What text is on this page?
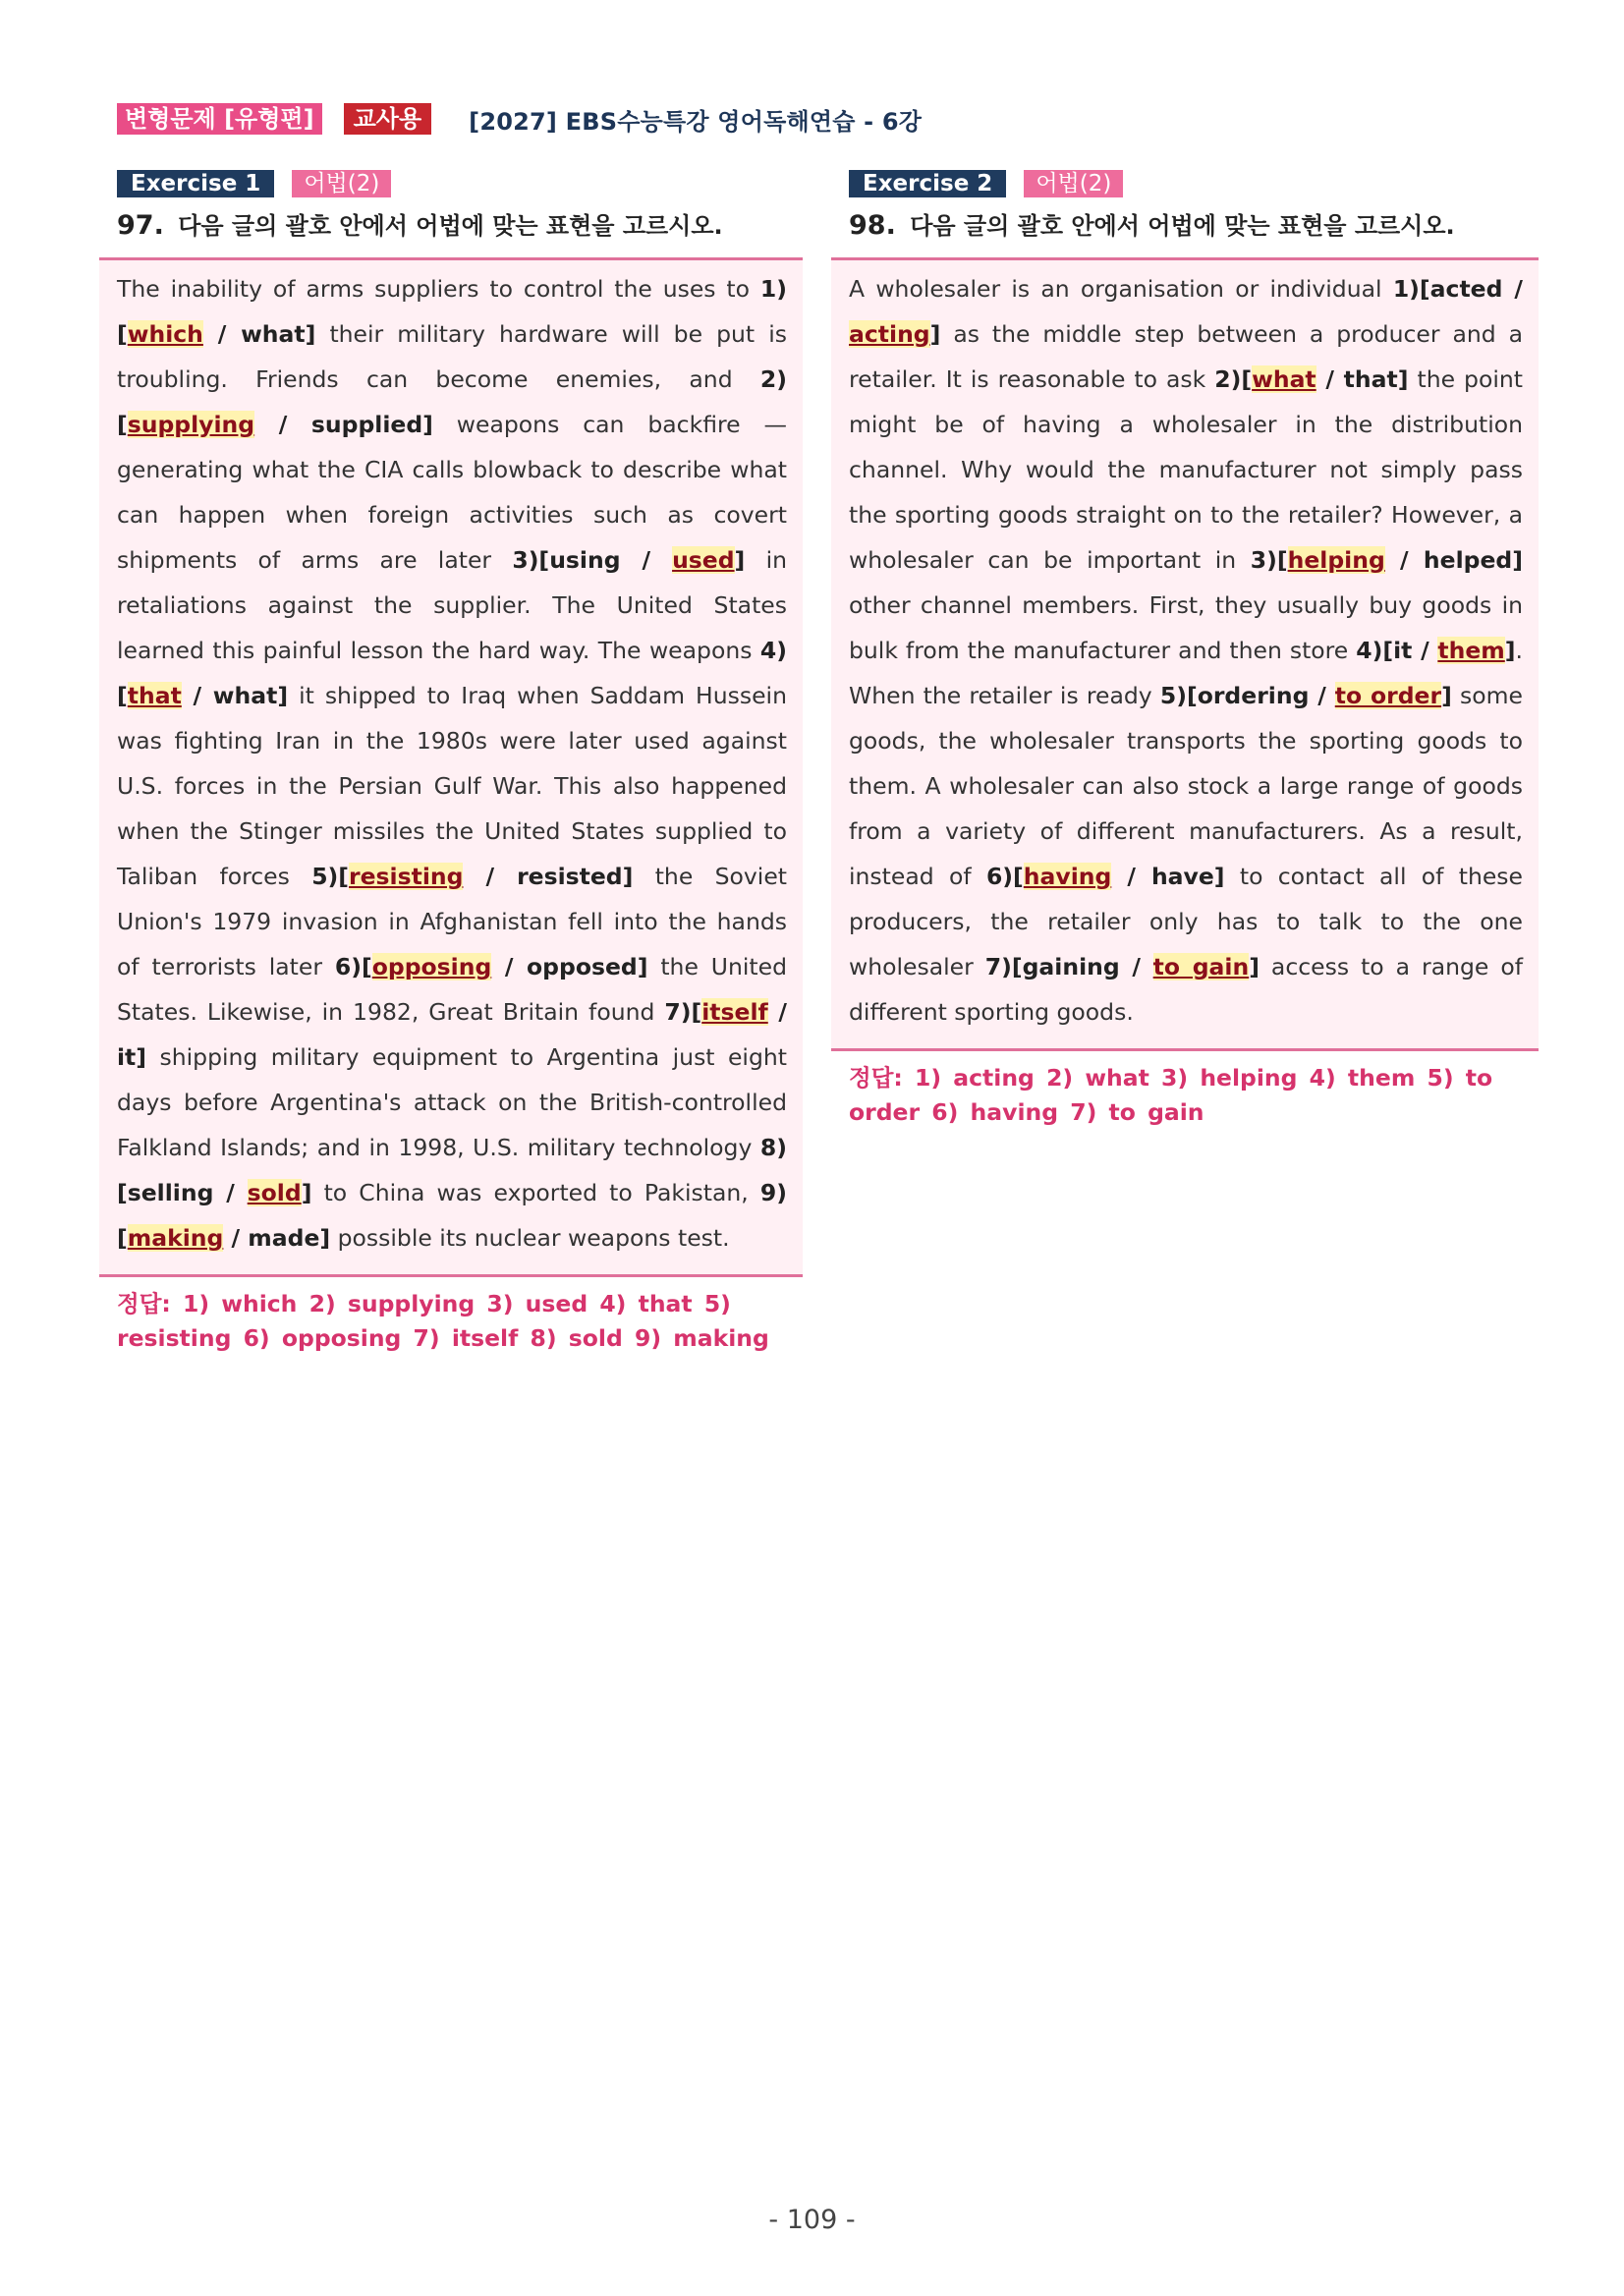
변형문제 [유형편]	교사용	[2027] EBS수능특강 영어독해연습 - 6강
Exercise 1	어법(2)
97. 다음 글의 괄호 안에서 어법에 맞는 표현을 고르시오.
The inability of arms suppliers to control the uses to 1)[which / what] their military hardware will be put is troubling. Friends can become enemies, and 2)[supplying / supplied] weapons can backfire — generating what the CIA calls blowback to describe what can happen when foreign activities such as covert shipments of arms are later 3)[using / used] in retaliations against the supplier. The United States learned this painful lesson the hard way. The weapons 4)[that / what] it shipped to Iraq when Saddam Hussein was fighting Iran in the 1980s were later used against U.S. forces in the Persian Gulf War. This also happened when the Stinger missiles the United States supplied to Taliban forces 5)[resisting / resisted] the Soviet Union's 1979 invasion in Afghanistan fell into the hands of terrorists later 6)[opposing / opposed] the United States. Likewise, in 1982, Great Britain found 7)[itself / it] shipping military equipment to Argentina just eight days before Argentina's attack on the British-controlled Falkland Islands; and in 1998, U.S. military technology 8)[selling / sold] to China was exported to Pakistan, 9)[making / made] possible its nuclear weapons test.
정답: 1) which 2) supplying 3) used 4) that 5) resisting 6) opposing 7) itself 8) sold 9) making
Exercise 2	어법(2)
98. 다음 글의 괄호 안에서 어법에 맞는 표현을 고르시오.
A wholesaler is an organisation or individual 1)[acted / acting] as the middle step between a producer and a retailer. It is reasonable to ask 2)[what / that] the point might be of having a wholesaler in the distribution channel. Why would the manufacturer not simply pass the sporting goods straight on to the retailer? However, a wholesaler can be important in 3)[helping / helped] other channel members. First, they usually buy goods in bulk from the manufacturer and then store 4)[it / them]. When the retailer is ready 5)[ordering / to order] some goods, the wholesaler transports the sporting goods to them. A wholesaler can also stock a large range of goods from a variety of different manufacturers. As a result, instead of 6)[having / have] to contact all of these producers, the retailer only has to talk to the one wholesaler 7)[gaining / to gain] access to a range of different sporting goods.
정답: 1) acting 2) what 3) helping 4) them 5) to order 6) having 7) to gain
- 109 -
